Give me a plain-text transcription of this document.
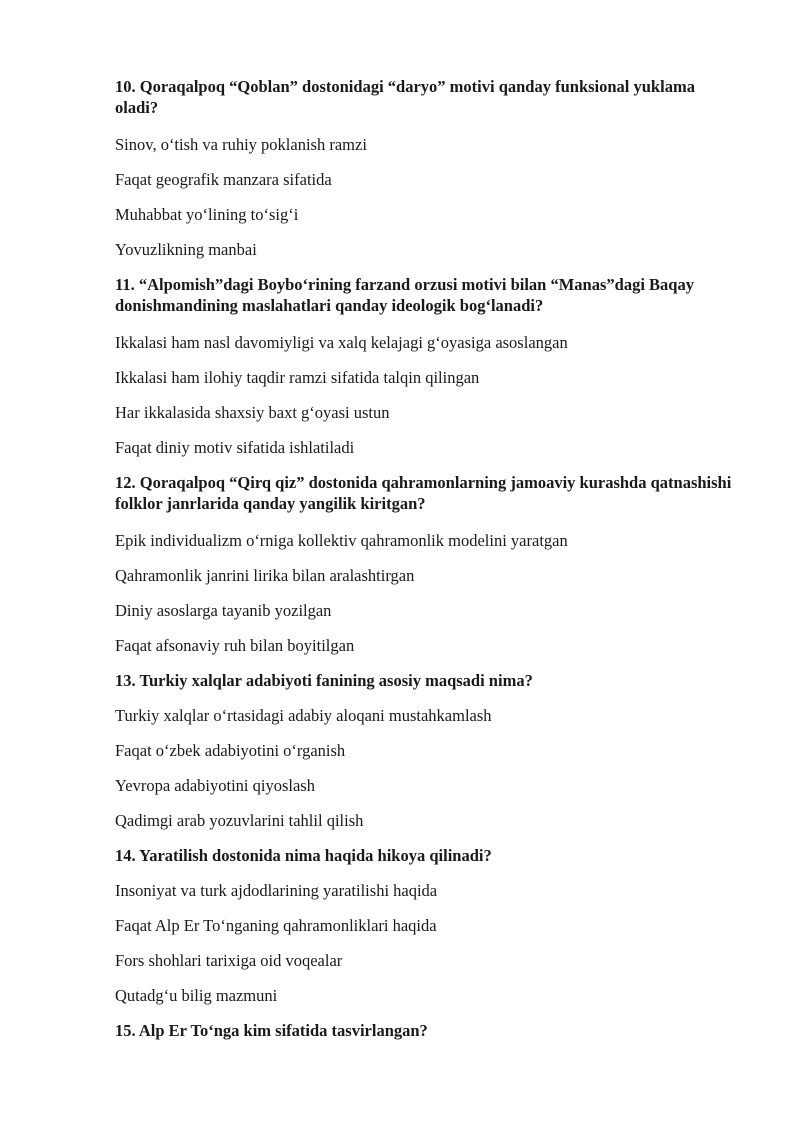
10. Qoraqalpoq “Qoblan” dostonidagi “daryo” motivi qanday funksional yuklama oladi?
Sinov, o‘tish va ruhiy poklanish ramzi
Faqat geografik manzara sifatida
Muhabbat yo‘lining to‘sig‘i
Yovuzlikning manbai
11. “Alpomish”dagi Boybo‘rining farzand orzusi motivi bilan “Manas”dagi Baqay donishmandining maslahatlari qanday ideologik bog‘lanadi?
Ikkalasi ham nasl davomiyligi va xalq kelajagi g‘oyasiga asoslangan
Ikkalasi ham ilohiy taqdir ramzi sifatida talqin qilingan
Har ikkalasida shaxsiy baxt g‘oyasi ustun
Faqat diniy motiv sifatida ishlatiladi
12. Qoraqalpoq “Qirq qiz” dostonida qahramonlarning jamoaviy kurashda qatnashishi folklor janrlarida qanday yangilik kiritgan?
Epik individualizm o‘rniga kollektiv qahramonlik modelini yaratgan
Qahramonlik janrini lirika bilan aralashtirgan
Diniy asoslarga tayanib yozilgan
Faqat afsonaviy ruh bilan boyitilgan
13. Turkiy xalqlar adabiyoti fanining asosiy maqsadi nima?
Turkiy xalqlar o‘rtasidagi adabiy aloqani mustahkamlash
Faqat o‘zbek adabiyotini o‘rganish
Yevropa adabiyotini qiyoslash
Qadimgi arab yozuvlarini tahlil qilish
14. Yaratilish dostonida nima haqida hikoya qilinadi?
Insoniyat va turk ajdodlarining yaratilishi haqida
Faqat Alp Er To‘nganing qahramonliklari haqida
Fors shohlari tarixiga oid voqealar
Qutadg‘u bilig mazmuni
15. Alp Er To‘nga kim sifatida tasvirlangan?
